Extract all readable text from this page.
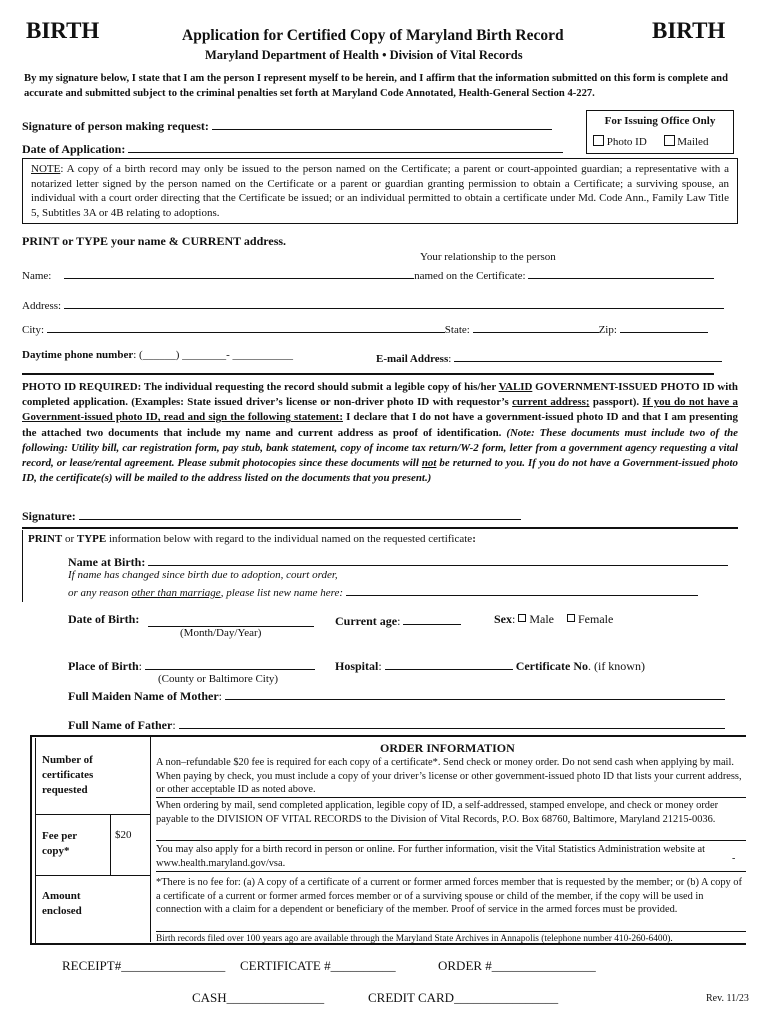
BIRTH	BIRTH
Application for Certified Copy of Maryland Birth Record
Maryland Department of Health • Division of Vital Records
By my signature below, I state that I am the person I represent myself to be herein, and I affirm that the information submitted on this form is complete and accurate and submitted subject to the criminal penalties set forth at Maryland Code Annotated, Health-General Section 4-227.
Signature of person making request:
Date of Application:
For Issuing Office Only
Photo ID	Mailed
NOTE: A copy of a birth record may only be issued to the person named on the Certificate; a parent or court-appointed guardian; a representative with a notarized letter signed by the person named on the Certificate or a parent or guardian granting permission to obtain a Certificate; a surviving spouse, an individual with a court order directing that the Certificate be issued; or an individual permitted to obtain a certificate under Md. Code Ann., Family Law Title 5, Subtitles 3A or 4B relating to adoptions.
PRINT or TYPE your name & CURRENT address.
Your relationship to the person
Name:	named on the Certificate:
Address:
City:	State:	Zip:
Daytime phone number: (______) ________- ___________	E-mail Address:
PHOTO ID REQUIRED: The individual requesting the record should submit a legible copy of his/her VALID GOVERNMENT-ISSUED PHOTO ID with completed application. (Examples: State issued driver’s license or non-driver photo ID with requestor’s current address; passport). If you do not have a Government-issued photo ID, read and sign the following statement: I declare that I do not have a government-issued photo ID and that I am presenting the attached two documents that include my name and current address as proof of identification. (Note: These documents must include two of the following: Utility bill, car registration form, pay stub, bank statement, copy of income tax return/W-2 form, letter from a government agency requesting a vital record, or lease/rental agreement. Please submit photocopies since these documents will not be returned to you. If you do not have a Government-issued photo ID, the certificate(s) will be mailed to the address listed on the documents that you present.)
Signature:
PRINT or TYPE information below with regard to the individual named on the requested certificate:
Name at Birth:
If name has changed since birth due to adoption, court order,
or any reason other than marriage, please list new name here:
Date of Birth:
(Month/Day/Year)
Current age:	Sex:  Male Female
Place of Birth:
(County or Baltimore City)
Hospital:	Certificate No. (if known)
Full Maiden Name of Mother:
Full Name of Father:
Number of certificates requested
Fee per copy*
$20
Amount enclosed
ORDER INFORMATION
A non–refundable $20 fee is required for each copy of a certificate*. Send check or money order. Do not send cash when applying by mail. When paying by check, you must include a copy of your driver’s license or other government-issued photo ID that lists your current address, or other acceptable ID as noted above.
When ordering by mail, send completed application, legible copy of ID, a self-addressed, stamped envelope, and check or money order payable to the DIVISION OF VITAL RECORDS to the Division of Vital Records, P.O. Box 68760, Baltimore, Maryland 21215-0036.
You may also apply for a birth record in person or online. For further information, visit the Vital Statistics Administration website at www.health.maryland.gov/vsa.	-
*There is no fee for: (a) A copy of a certificate of a current or former armed forces member that is requested by the member; or (b) A copy of a certificate of a current or former armed forces member or of a surviving spouse or child of the member, if the copy will be used in connection with a claim for a dependent or beneficiary of the member. Proof of service in the armed forces must be provided.
Birth records filed over 100 years ago are available through the Maryland State Archives in Annapolis (telephone number 410-260-6400).
RECEIPT#________________ CERTIFICATE #__________	ORDER #________________
CASH_______________	CREDIT CARD________________	Rev. 11/23
